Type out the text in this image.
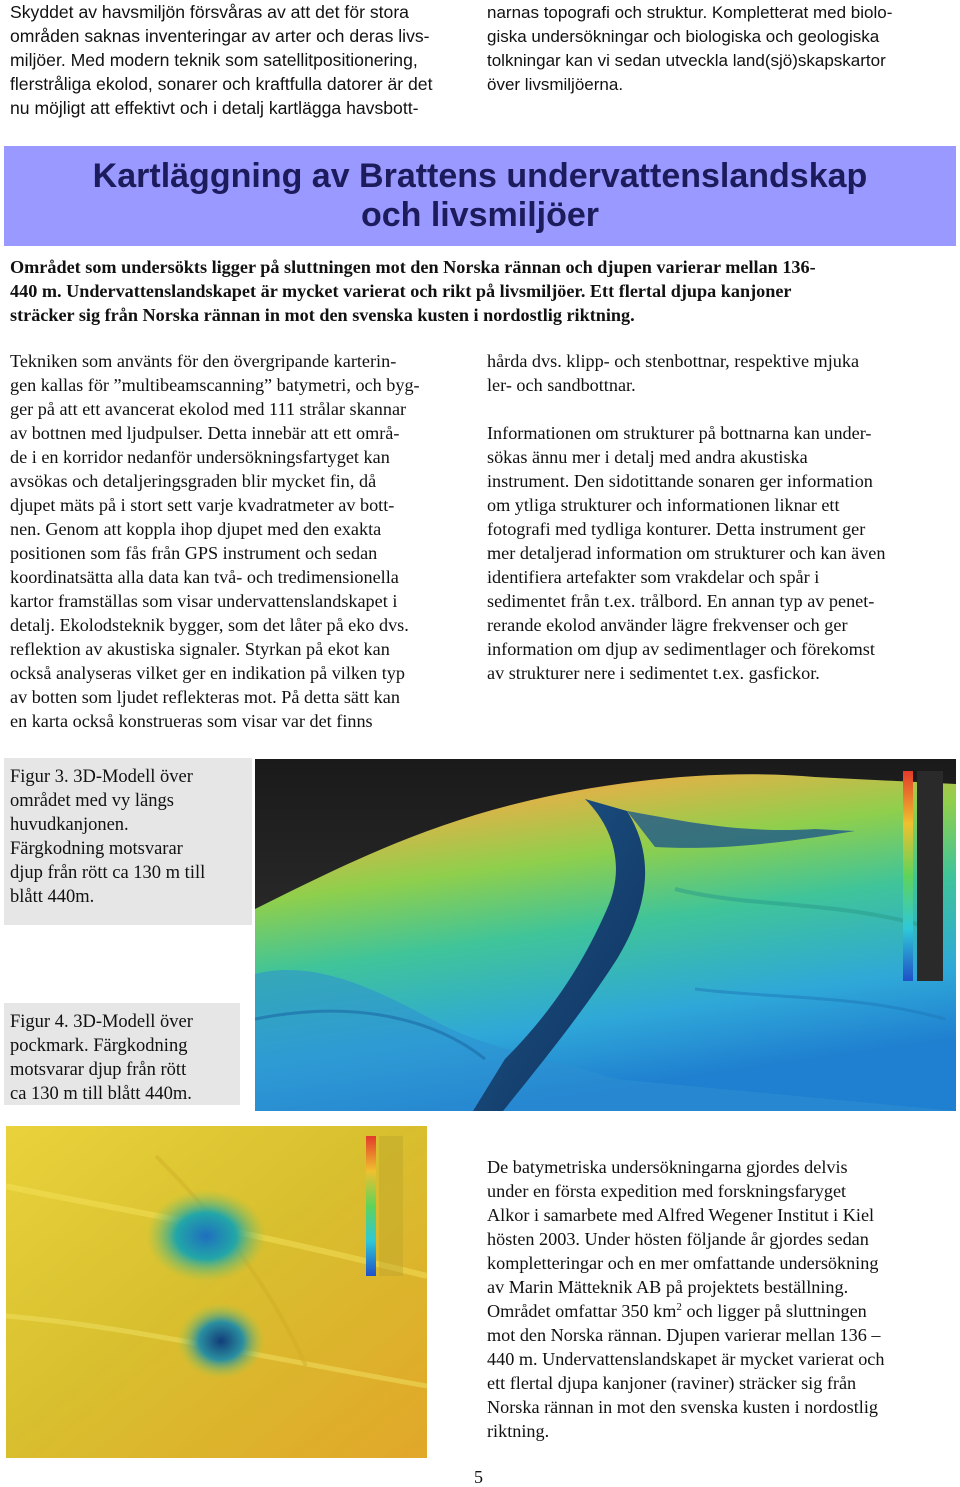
Skyddet av havsmiljön försvåras av att det för stora
områden saknas inventeringar av arter och deras livs-
miljöer. Med modern teknik som satellitpositionering,
flerstråliga ekolod, sonarer och kraftfulla datorer är det
nu möjligt att effektivt och i detalj kartlägga havsbott-
narnas topografi och struktur. Kompletterat med biolo-
giska undersökningar och biologiska och geologiska
tolkningar kan vi sedan utveckla land(sjö)skapskartor
över livsmiljöerna.
Kartläggning av Brattens undervattenslandskap
och livsmiljöer
Området som undersökts ligger på sluttningen mot den Norska rännan och djupen varierar mellan 136-
440 m. Undervattenslandskapet är mycket varierat och rikt på livsmiljöer. Ett flertal djupa kanjoner
sträcker sig från Norska rännan in mot den svenska kusten i nordostlig riktning.
Tekniken som använts för den övergripande karterin-
gen kallas för ”multibeamscanning” batymetri, och byg-
ger på att ett avancerat ekolod med 111 strålar skannar
av bottnen med ljudpulser. Detta innebär att ett områ-
de i en korridor nedanför undersökningsfartyget kan
avsökas och detaljeringsgraden blir mycket fin, då
djupet mäts på i stort sett varje kvadratmeter av bott-
nen. Genom att koppla ihop djupet med den exakta
positionen som fås från GPS instrument och sedan
koordinatsätta alla data kan två- och tredimensionella
kartor framställas som visar undervattenslandskapet i
detalj. Ekolodsteknik bygger, som det låter på eko dvs.
reflektion av akustiska signaler. Styrkan på ekot kan
också analyseras vilket ger en indikation på vilken typ
av botten som ljudet reflekteras mot. På detta sätt kan
en karta också konstrueras som visar var det finns
hårda dvs. klipp- och stenbottnar, respektive mjuka
ler- och sandbottnar.
Informationen om strukturer på bottnarna kan under-
sökas ännu mer i detalj med andra akustiska
instrument. Den sidotittande sonaren ger information
om ytliga strukturer och informationen liknar ett
fotografi med tydliga konturer. Detta instrument ger
mer detaljerad information om strukturer och kan även
identifiera artefakter som vrakdelar och spår i
sedimentet från t.ex. trålbord. En annan typ av penet-
rerande ekolod använder lägre frekvenser och ger
information om djup av sedimentlager och förekomst
av strukturer nere i sedimentet t.ex. gasfickor.
Figur 3. 3D-Modell över
området med vy längs
huvudkanjonen.
Färgkodning motsvarar
djup från rött ca 130 m till
blått 440m.
Figur 4. 3D-Modell över
pockmark. Färgkodning
motsvarar djup från rött
ca 130 m till blått 440m.
De batymetriska undersökningarna gjordes delvis
under en första expedition med forskningsfaryget
Alkor i samarbete med Alfred Wegener Institut i Kiel
hösten 2003. Under hösten följande år gjordes sedan
kompletteringar och en mer omfattande undersökning
av Marin Mätteknik AB på projektets beställning.
Området omfattar 350 $km^2$ och ligger på sluttningen
mot den Norska rännan. Djupen varierar mellan 136 –
440 m. Undervattenslandskapet är mycket varierat och
ett flertal djupa kanjoner (raviner) sträcker sig från
Norska rännan in mot den svenska kusten i nordostlig
riktning.
5
